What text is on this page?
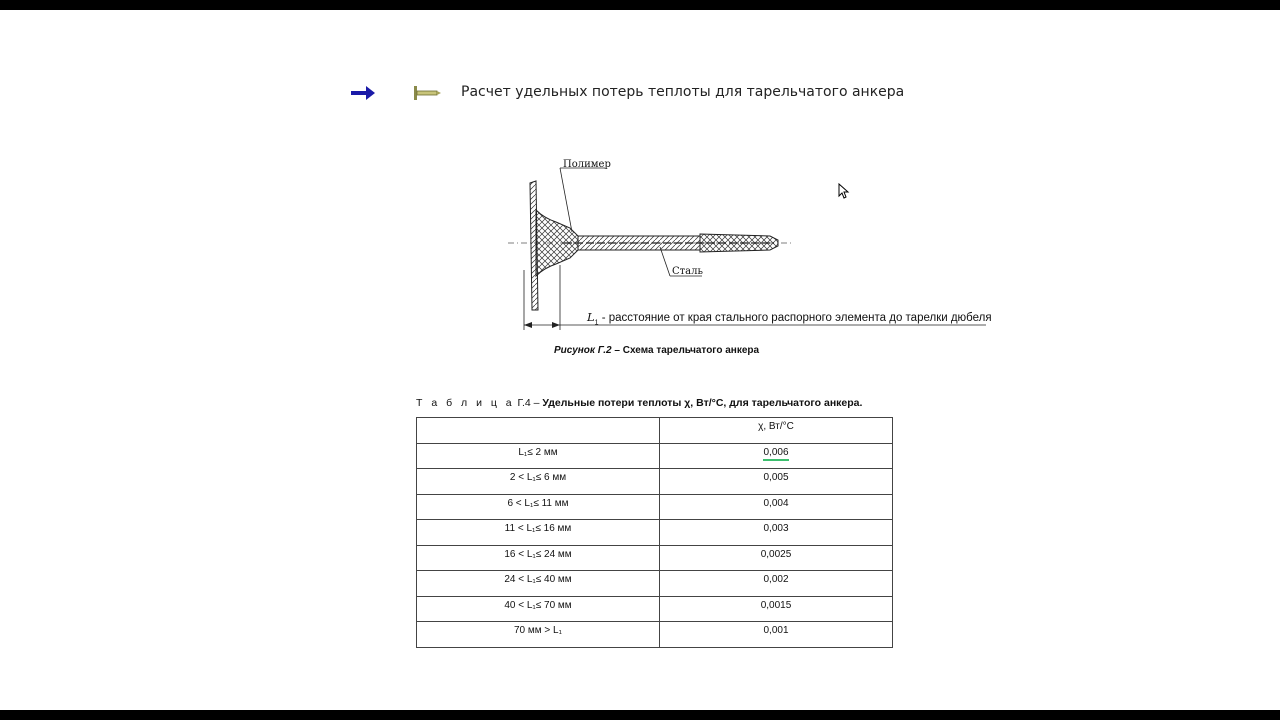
Расчет удельных потерь теплоты для тарельчатого анкера
Полимер
Сталь
$L_1$ - расстояние от края стального распорного элемента до тарелки дюбеля
Рисунок Г.2 – Схема тарельчатого анкера
Т а б л и ц а Г.4 – Удельные потери теплоты χ, Вт/°С, для тарельчатого анкера.
	χ, Вт/°С
L₁≤ 2 мм	0,006
2 < L₁≤ 6 мм	0,005
6 < L₁≤ 11 мм	0,004
11 < L₁≤ 16 мм	0,003
16 < L₁≤ 24 мм	0,0025
24 < L₁≤ 40 мм	0,002
40 < L₁≤ 70 мм	0,0015
70 мм > L₁	0,001
